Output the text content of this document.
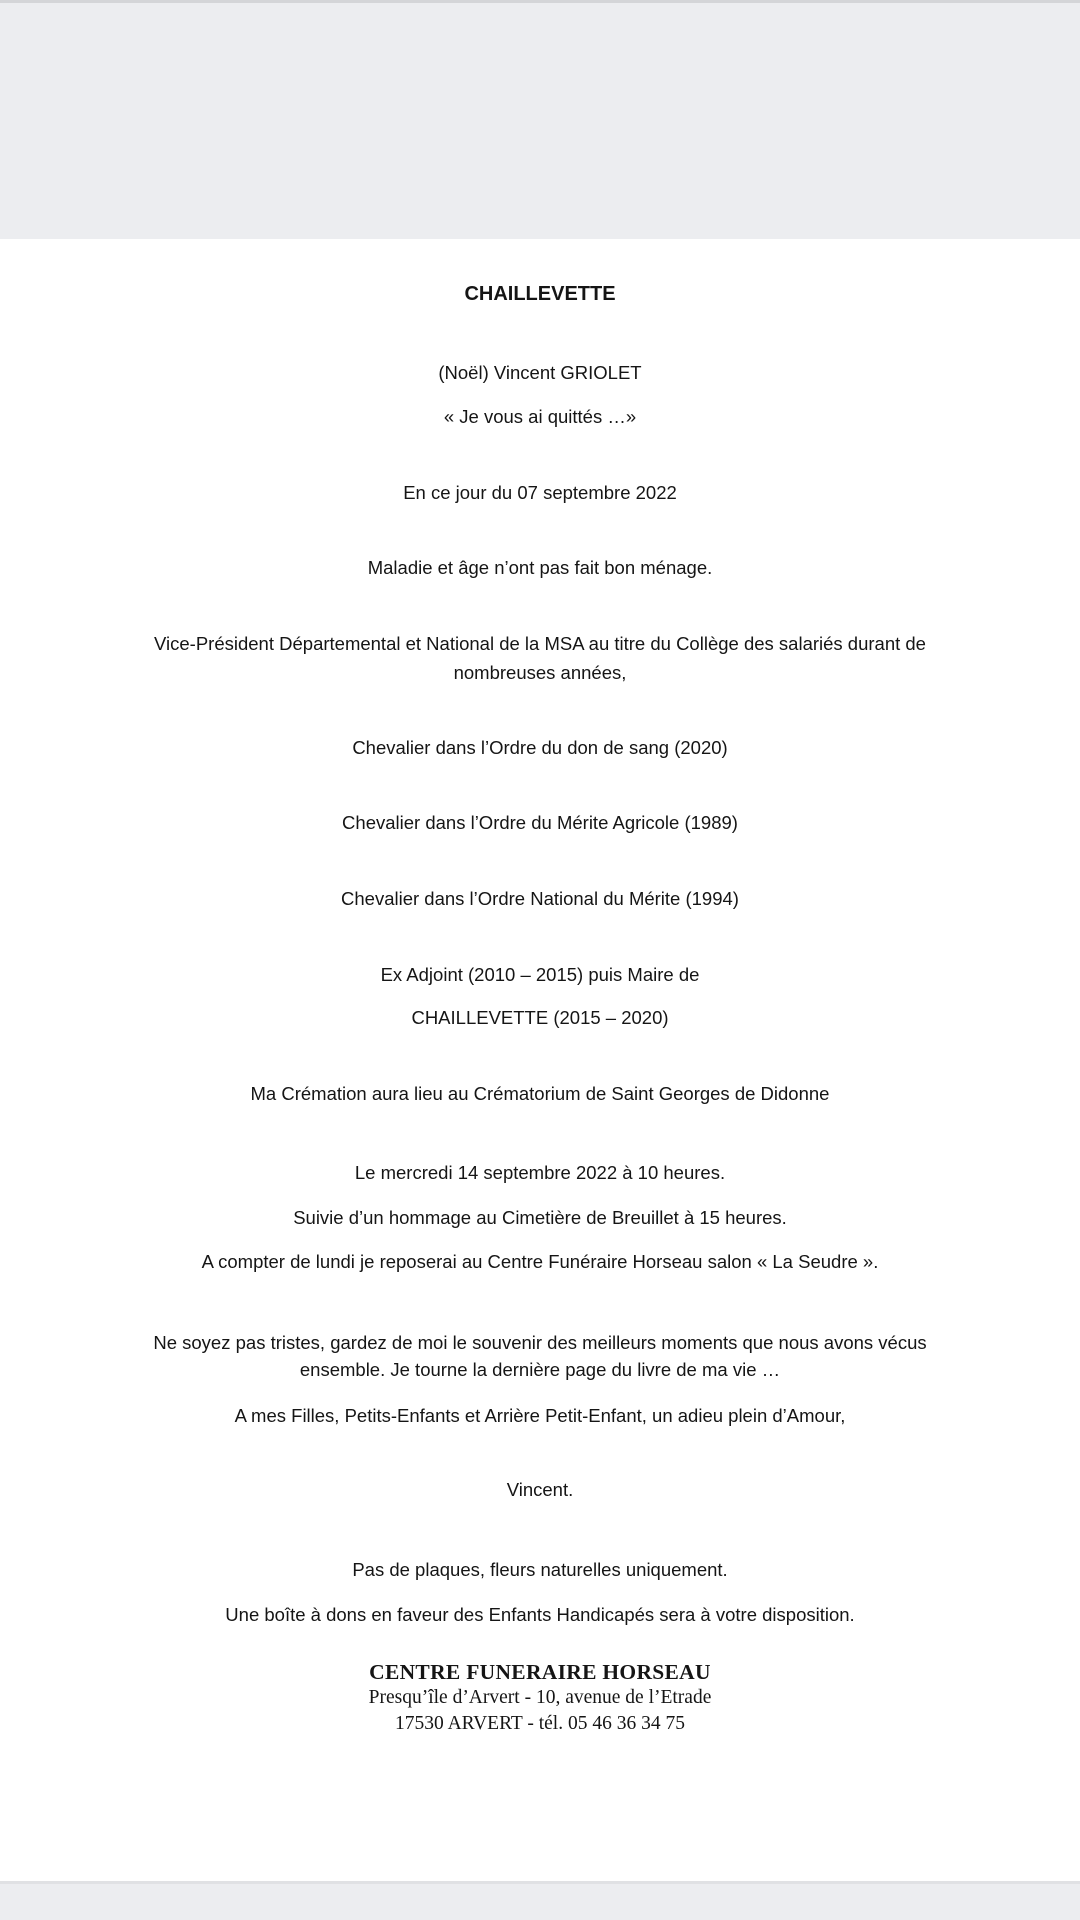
CHAILLEVETTE
(Noël) Vincent GRIOLET
« Je vous ai quittés …»
En ce jour du 07 septembre 2022
Maladie et âge n’ont pas fait bon ménage.
Vice-Président Départemental et National de la MSA au titre du Collège des salariés durant de
nombreuses années,
Chevalier dans l’Ordre du don de sang (2020)
Chevalier dans l’Ordre du Mérite Agricole (1989)
Chevalier dans l’Ordre National du Mérite (1994)
Ex Adjoint (2010 – 2015) puis Maire de
CHAILLEVETTE (2015 – 2020)
Ma Crémation aura lieu au Crématorium de Saint Georges de Didonne
Le mercredi 14 septembre 2022 à 10 heures.
Suivie d’un hommage au Cimetière de Breuillet à 15 heures.
A compter de lundi je reposerai au Centre Funéraire Horseau salon « La Seudre ».
Ne soyez pas tristes, gardez de moi le souvenir des meilleurs moments que nous avons vécus
ensemble. Je tourne la dernière page du livre de ma vie …
A mes Filles, Petits-Enfants et Arrière Petit-Enfant, un adieu plein d’Amour,
Vincent.
Pas de plaques, fleurs naturelles uniquement.
Une boîte à dons en faveur des Enfants Handicapés sera à votre disposition.
CENTRE FUNERAIRE HORSEAU
Presqu’île d’Arvert - 10, avenue de l’Etrade
17530 ARVERT - tél. 05 46 36 34 75
